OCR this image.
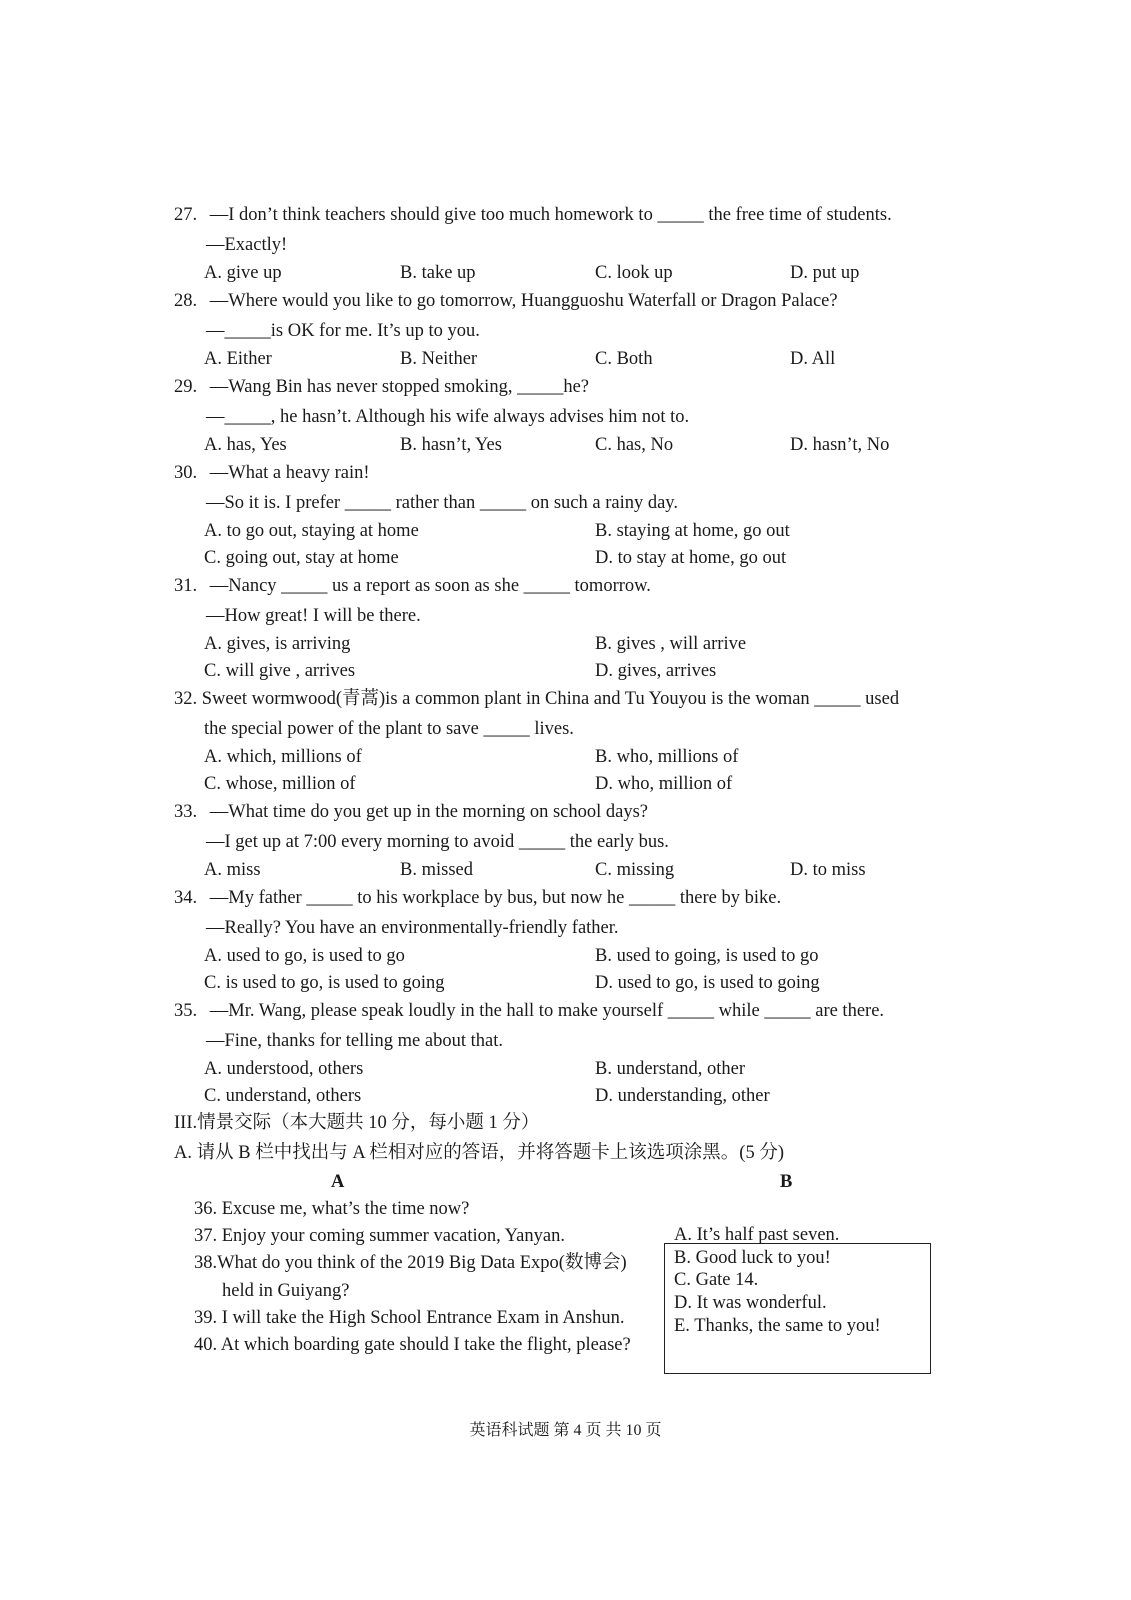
27. —I don’t think teachers should give too much homework to _____ the free time of students.
—Exactly!
A. give up	B. take up	C. look up	D. put up
28. —Where would you like to go tomorrow, Huangguoshu Waterfall or Dragon Palace?
—_____is OK for me. It’s up to you.
A. Either	B. Neither	C. Both	D. All
29. —Wang Bin has never stopped smoking, _____he?
—_____, he hasn’t. Although his wife always advises him not to.
A. has, Yes	B. hasn’t, Yes	C. has, No	D. hasn’t, No
30. —What a heavy rain!
—So it is. I prefer _____ rather than _____ on such a rainy day.
A. to go out, staying at home	B. staying at home, go out
C. going out, stay at home	D. to stay at home, go out
31. —Nancy _____ us a report as soon as she _____ tomorrow.
—How great! I will be there.
A. gives, is arriving	B. gives , will arrive
C. will give , arrives	D. gives, arrives
32. Sweet wormwood(青蒿)is a common plant in China and Tu Youyou is the woman _____ used
the special power of the plant to save _____ lives.
A. which, millions of	B. who, millions of
C. whose, million of	D. who, million of
33. —What time do you get up in the morning on school days?
—I get up at 7:00 every morning to avoid _____ the early bus.
A. miss	B. missed	C. missing	D. to miss
34. —My father _____ to his workplace by bus, but now he _____ there by bike.
—Really? You have an environmentally-friendly father.
A. used to go, is used to go	B. used to going, is used to go
C. is used to go, is used to going	D. used to go, is used to going
35. —Mr. Wang, please speak loudly in the hall to make yourself _____ while _____ are there.
—Fine, thanks for telling me about that.
A. understood, others	B. understand, other
C. understand, others	D. understanding, other
III.情景交际（本大题共 10 分，每小题 1 分）
A. 请从 B 栏中找出与 A 栏相对应的答语，并将答题卡上该选项涂黑。(5 分)
A	B
36. Excuse me, what’s the time now?
37. Enjoy your coming summer vacation, Yanyan.
38.What do you think of the 2019 Big Data Expo(数博会)
held in Guiyang?
39. I will take the High School Entrance Exam in Anshun.
40. At which boarding gate should I take the flight, please?
A. It’s half past seven.
B. Good luck to you!
C. Gate 14.
D. It was wonderful.
E. Thanks, the same to you!
英语科试题 第 4 页 共 10 页
